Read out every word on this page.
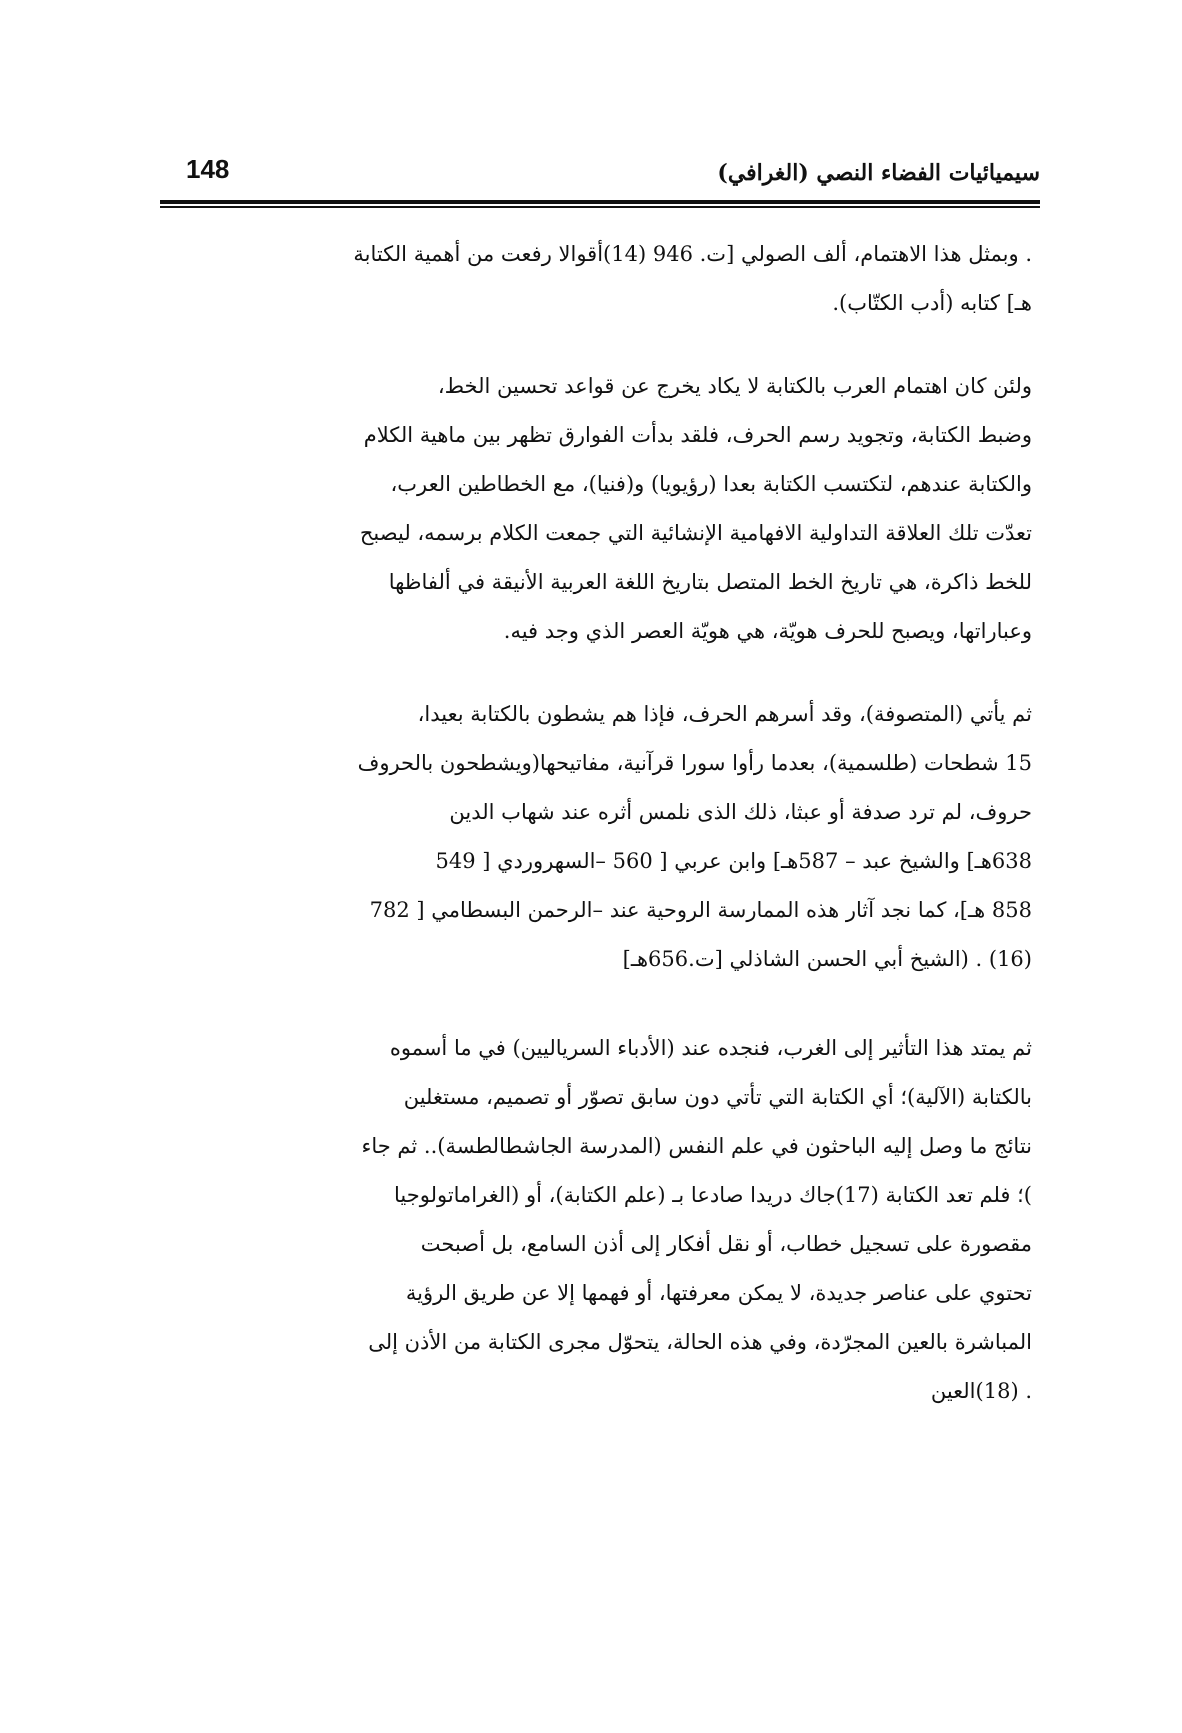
148	سيميائيات الفضاء النصي (الغرافي)
. وبمثل هذا الاهتمام، ألف الصولي [ت. 946 (14)أقوالا رفعت من أهمية الكتابة
هـ] كتابه (أدب الكتّاب).
ولئن كان اهتمام العرب بالكتابة لا يكاد يخرج عن قواعد تحسين الخط،
وضبط الكتابة، وتجويد رسم الحرف، فلقد بدأت الفوارق تظهر بين ماهية الكلام
والكتابة عندهم، لتكتسب الكتابة بعدا (رؤيويا) و(فنيا)، مع الخطاطين العرب،
تعدّت تلك العلاقة التداولية الافهامية الإنشائية التي جمعت الكلام برسمه، ليصبح
للخط ذاكرة، هي تاريخ الخط المتصل بتاريخ اللغة العربية الأنيقة في ألفاظها
وعباراتها، ويصبح للحرف هويّة، هي هويّة العصر الذي وجد فيه.
ثم يأتي (المتصوفة)، وقد أسرهم الحرف، فإذا هم يشطون بالكتابة بعيدا،
15 شطحات (طلسمية)، بعدما رأوا سورا قرآنية، مفاتيحها(ويشطحون بالحروف
حروف، لم ترد صدفة أو عبثا، ذلك الذى نلمس أثره عند شهاب الدين
638هـ] والشيخ عبد – 587هـ] وابن عربي [ 560 –السهروردي [ 549
858 هـ]، كما نجد آثار هذه الممارسة الروحية عند –الرحمن البسطامي [ 782
(16) . (الشيخ أبي الحسن الشاذلي [ت.656هـ]
ثم يمتد هذا التأثير إلى الغرب، فنجده عند (الأدباء السرياليين) في ما أسموه
بالكتابة (الآلية)؛ أي الكتابة التي تأتي دون سابق تصوّر أو تصميم، مستغلين
نتائج ما وصل إليه الباحثون في علم النفس (المدرسة الجاشطالطسة).. ثم جاء
)؛ فلم تعد الكتابة (17)جاك دريدا صادعا بـ (علم الكتابة)، أو (الغراماتولوجيا
مقصورة على تسجيل خطاب، أو نقل أفكار إلى أذن السامع، بل أصبحت
تحتوي على عناصر جديدة، لا يمكن معرفتها، أو فهمها إلا عن طريق الرؤية
المباشرة بالعين المجرّدة، وفي هذه الحالة، يتحوّل مجرى الكتابة من الأذن إلى
. (18)العين
